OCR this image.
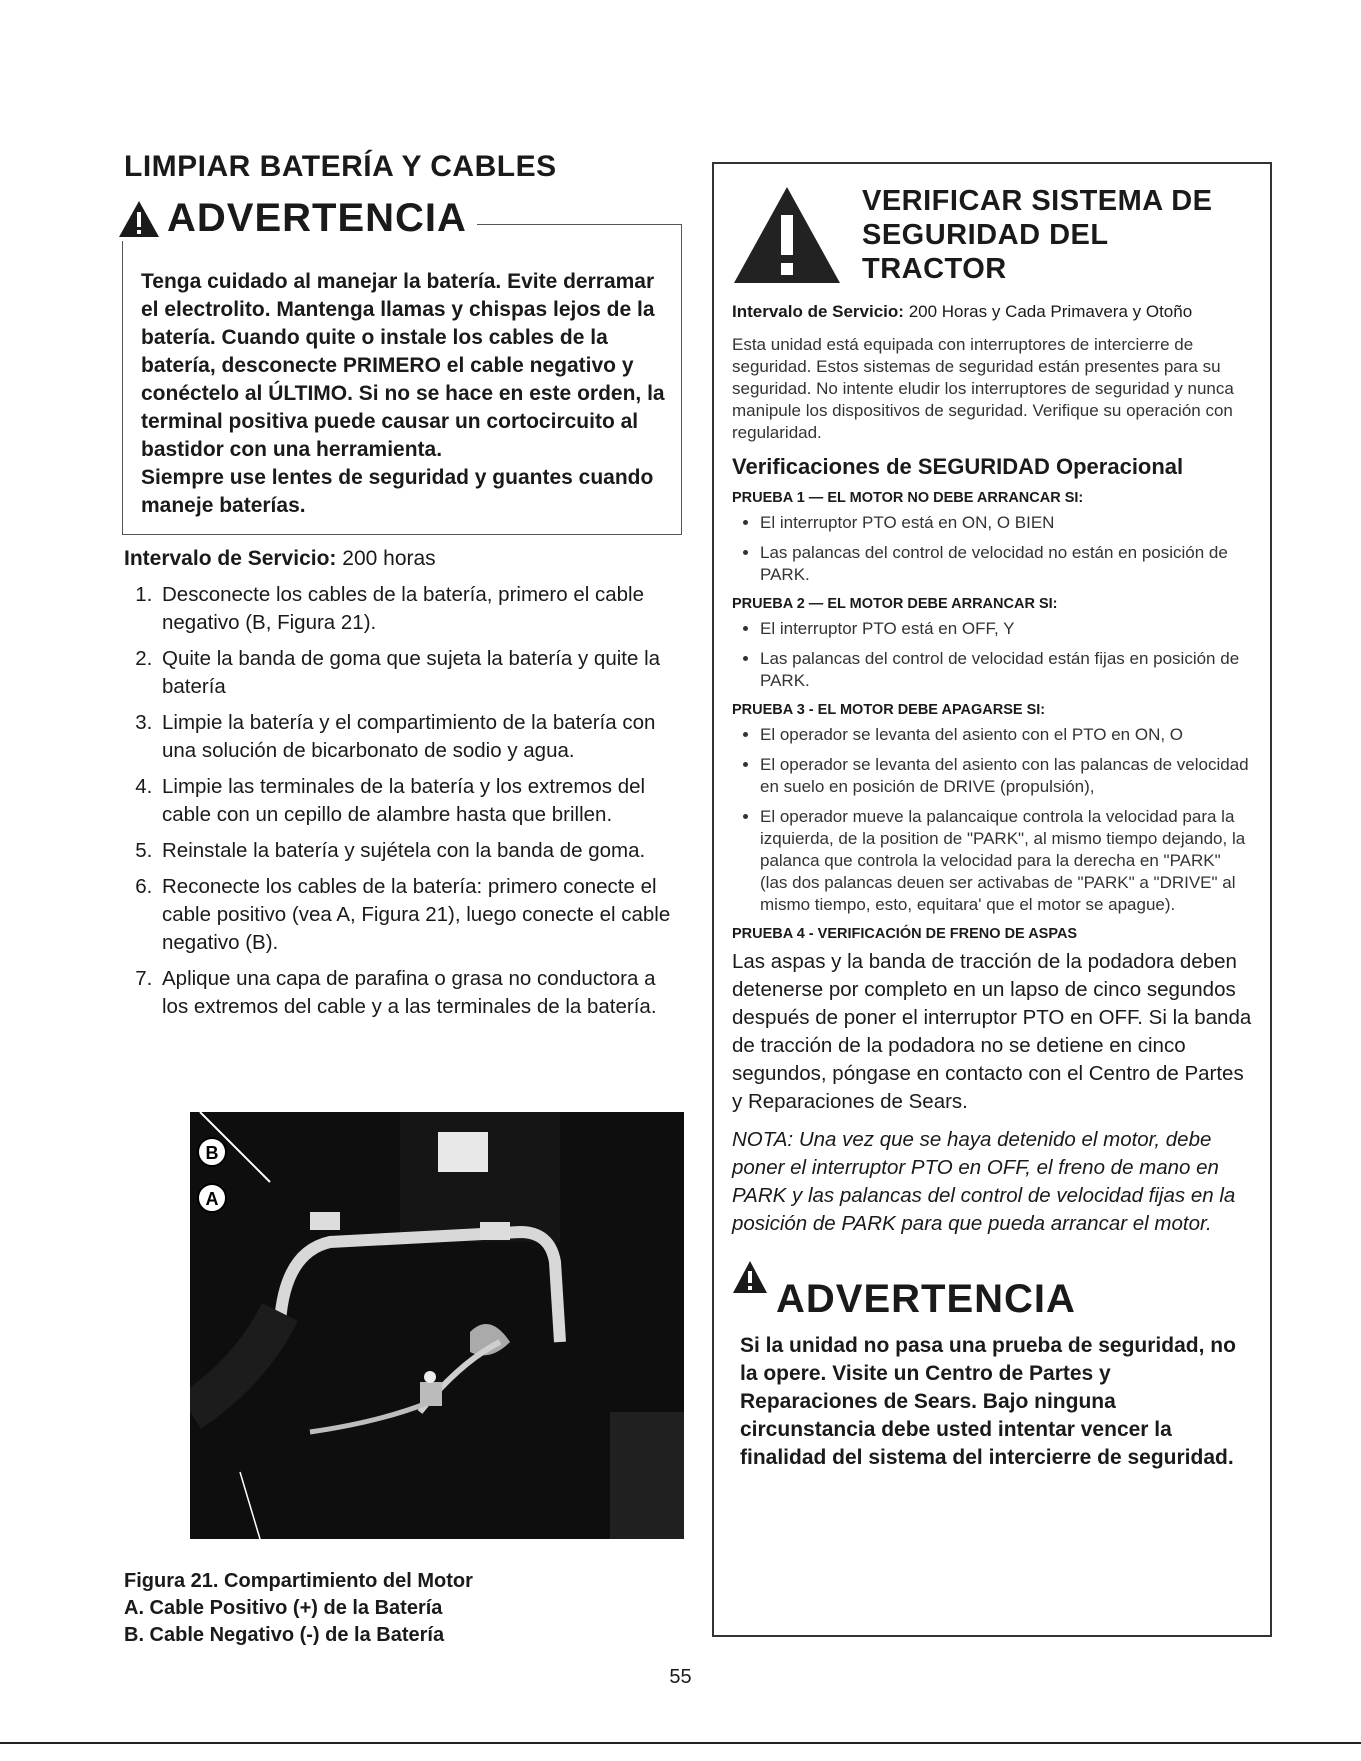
LIMPIAR BATERÍA Y CABLES
ADVERTENCIA

Tenga cuidado al manejar la batería. Evite derramar el electrolito. Mantenga llamas y chispas lejos de la batería. Cuando quite o instale los cables de la batería, desconecte PRIMERO el cable negativo y conéctelo al ÚLTIMO. Si no se hace en este orden, la terminal positiva puede causar un cortocircuito al bastidor con una herramienta.

Siempre use lentes de seguridad y guantes cuando maneje baterías.

Intervalo de Servicio: 200 horas
1. Desconecte los cables de la batería, primero el cable negativo (B, Figura 21).
2. Quite la banda de goma que sujeta la batería y quite la batería
3. Limpie la batería y el compartimiento de la batería con una solución de bicarbonato de sodio y agua.
4. Limpie las terminales de la batería y los extremos del cable con un cepillo de alambre hasta que brillen.
5. Reinstale la batería y sujétela con la banda de goma.
6. Reconecte los cables de la batería: primero conecte el cable positivo (vea A, Figura 21), luego conecte el cable negativo (B).
7. Aplique una capa de parafina o grasa no conductora a los extremos del cable y a las terminales de la batería.
B
A
Figura 21. Compartimiento del Motor
A. Cable Positivo (+) de la Batería
B. Cable Negativo (-) de la Batería
VERIFICAR SISTEMA DE
SEGURIDAD DEL TRACTOR
Intervalo de Servicio: 200 Horas y Cada Primavera y Otoño

Esta unidad está equipada con interruptores de intercierre de seguridad. Estos sistemas de seguridad están presentes para su seguridad. No intente eludir los interruptores de seguridad y nunca manipule los dispositivos de seguridad. Verifique su operación con regularidad.

Verificaciones de SEGURIDAD Operacional
PRUEBA 1 — EL MOTOR NO DEBE ARRANCAR SI:
• El interruptor PTO está en ON, O BIEN
• Las palancas del control de velocidad no están en posición de PARK.
PRUEBA 2 — EL MOTOR DEBE ARRANCAR SI:
• El interruptor PTO está en OFF, Y
• Las palancas del control de velocidad están fijas en posición de PARK.
PRUEBA 3 - EL MOTOR DEBE APAGARSE SI:
• El operador se levanta del asiento con el PTO en ON, O
• El operador se levanta del asiento con las palancas de velocidad en suelo en posición de DRIVE (propulsión),
• El operador mueve la palancaique controla la velocidad para la izquierda, de la position de "PARK", al mismo tiempo dejando, la palanca que controla la velocidad para la derecha en "PARK" (las dos palancas deuen ser activabas de "PARK" a "DRIVE" al mismo tiempo, esto, equitara' que el motor se apague).
PRUEBA 4 - VERIFICACIÓN DE FRENO DE ASPAS

Las aspas y la banda de tracción de la podadora deben detenerse por completo en un lapso de cinco segundos después de poner el interruptor PTO en OFF. Si la banda de tracción de la podadora no se detiene en cinco segundos, póngase en contacto con el Centro de Partes y Reparaciones de Sears.

NOTA: Una vez que se haya detenido el motor, debe poner el interruptor PTO en OFF, el freno de mano en PARK y las palancas del control de velocidad fijas en la posición de PARK para que pueda arrancar el motor.

ADVERTENCIA

Si la unidad no pasa una prueba de seguridad, no la opere. Visite un Centro de Partes y Reparaciones de Sears. Bajo ninguna circunstancia debe usted intentar vencer la finalidad del sistema del intercierre de seguridad.

55
